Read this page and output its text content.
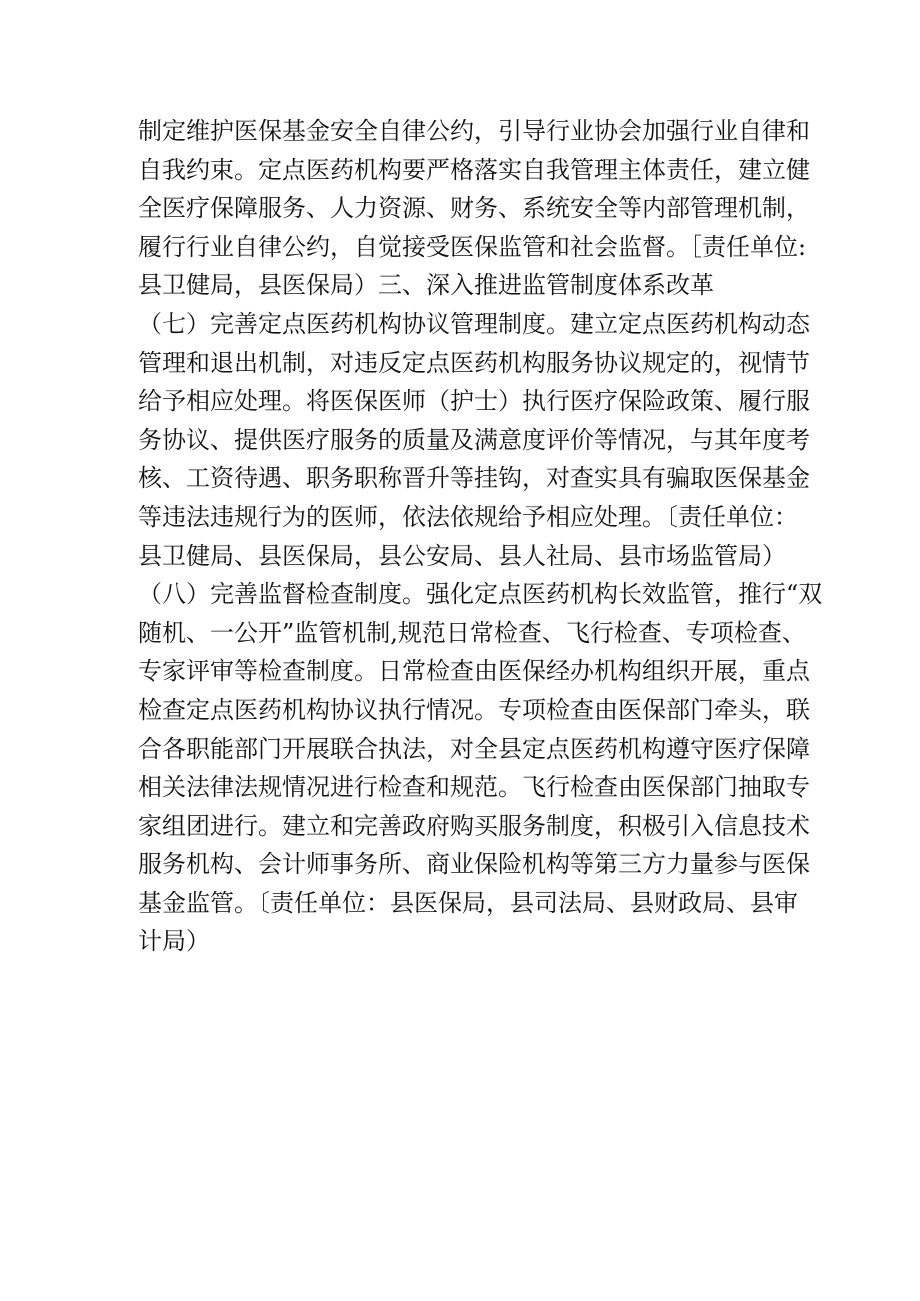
制定维护医保基金安全自律公约，引导行业协会加强行业自律和
自我约束。定点医药机构要严格落实自我管理主体责任，建立健
全医疗保障服务、人力资源、财务、系统安全等内部管理机制，
履行行业自律公约，自觉接受医保监管和社会监督。［责任单位:
县卫健局，县医保局）三、深入推进监管制度体系改革
（七）完善定点医药机构协议管理制度。建立定点医药机构动态
管理和退出机制，对违反定点医药机构服务协议规定的，视情节
给予相应处理。将医保医师（护士）执行医疗保险政策、履行服
务协议、提供医疗服务的质量及满意度评价等情况，与其年度考
核、工资待遇、职务职称晋升等挂钩，对查实具有骗取医保基金
等违法违规行为的医师，依法依规给予相应处理。〔责任单位：
县卫健局、县医保局，县公安局、县人社局、县市场监管局）
（八）完善监督检查制度。强化定点医药机构长效监管，推行“双
随机、一公开”监管机制,规范日常检查、飞行检查、专项检查、
专家评审等检查制度。日常检查由医保经办机构组织开展，重点
检查定点医药机构协议执行情况。专项检查由医保部门牵头，联
合各职能部门开展联合执法，对全县定点医药机构遵守医疗保障
相关法律法规情况进行检查和规范。飞行检查由医保部门抽取专
家组团进行。建立和完善政府购买服务制度，积极引入信息技术
服务机构、会计师事务所、商业保险机构等第三方力量参与医保
基金监管。〔责任单位：县医保局，县司法局、县财政局、县审
计局）
